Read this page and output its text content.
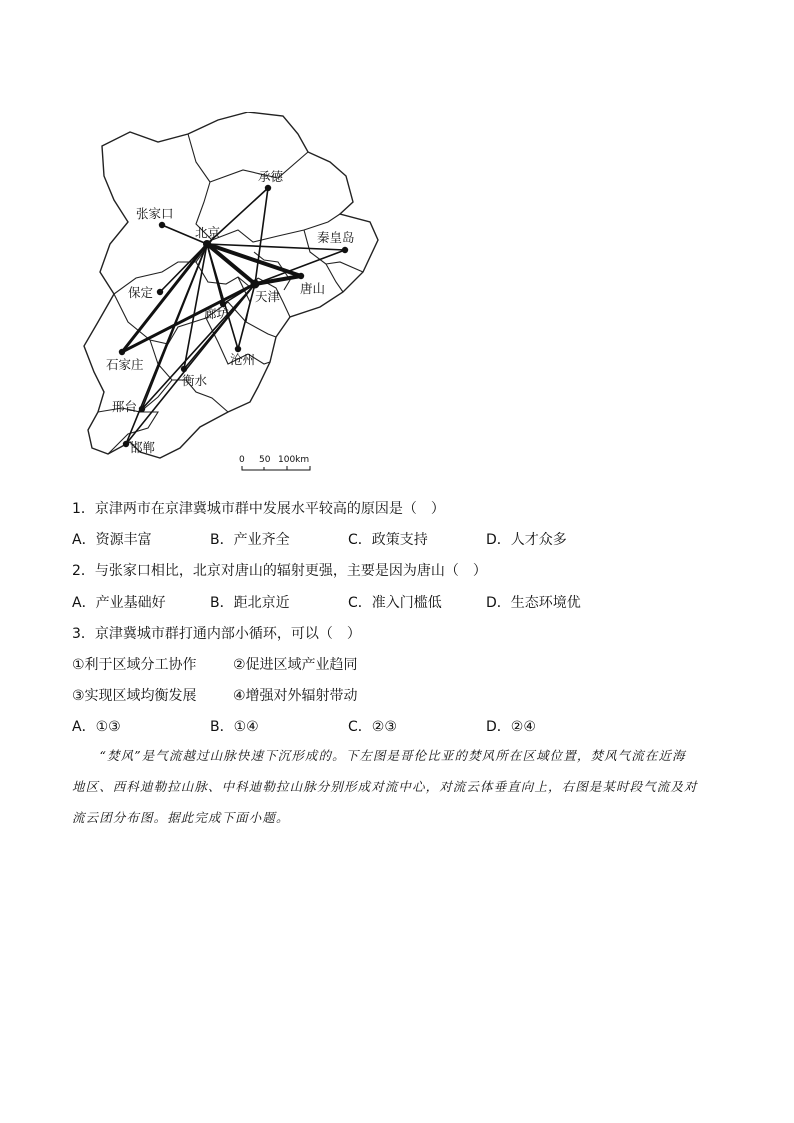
承德
张家口
北京	秦皇岛
保定	天津
唐山
廊坊
石家庄	沧州
衡水
邢台
邯郸
0 50 100km
1．京津两市在京津冀城市群中发展水平较高的原因是（　）
A．资源丰富	B．产业齐全	C．政策支持	D．人才众多
2．与张家口相比，北京对唐山的辐射更强，主要是因为唐山（　）
A．产业基础好	B．距北京近	C．准入门槛低	D．生态环境优
3．京津冀城市群打通内部小循环，可以（　）
①利于区域分工协作	②促进区域产业趋同
③实现区域均衡发展	④增强对外辐射带动
A．①③	B．①④	C．②③	D．②④
“焚风”是气流越过山脉快速下沉形成的。下左图是哥伦比亚的焚风所在区域位置，焚风气流在近海
地区、西科迪勒拉山脉、中科迪勒拉山脉分别形成对流中心，对流云体垂直向上，右图是某时段气流及对
流云团分布图。据此完成下面小题。
